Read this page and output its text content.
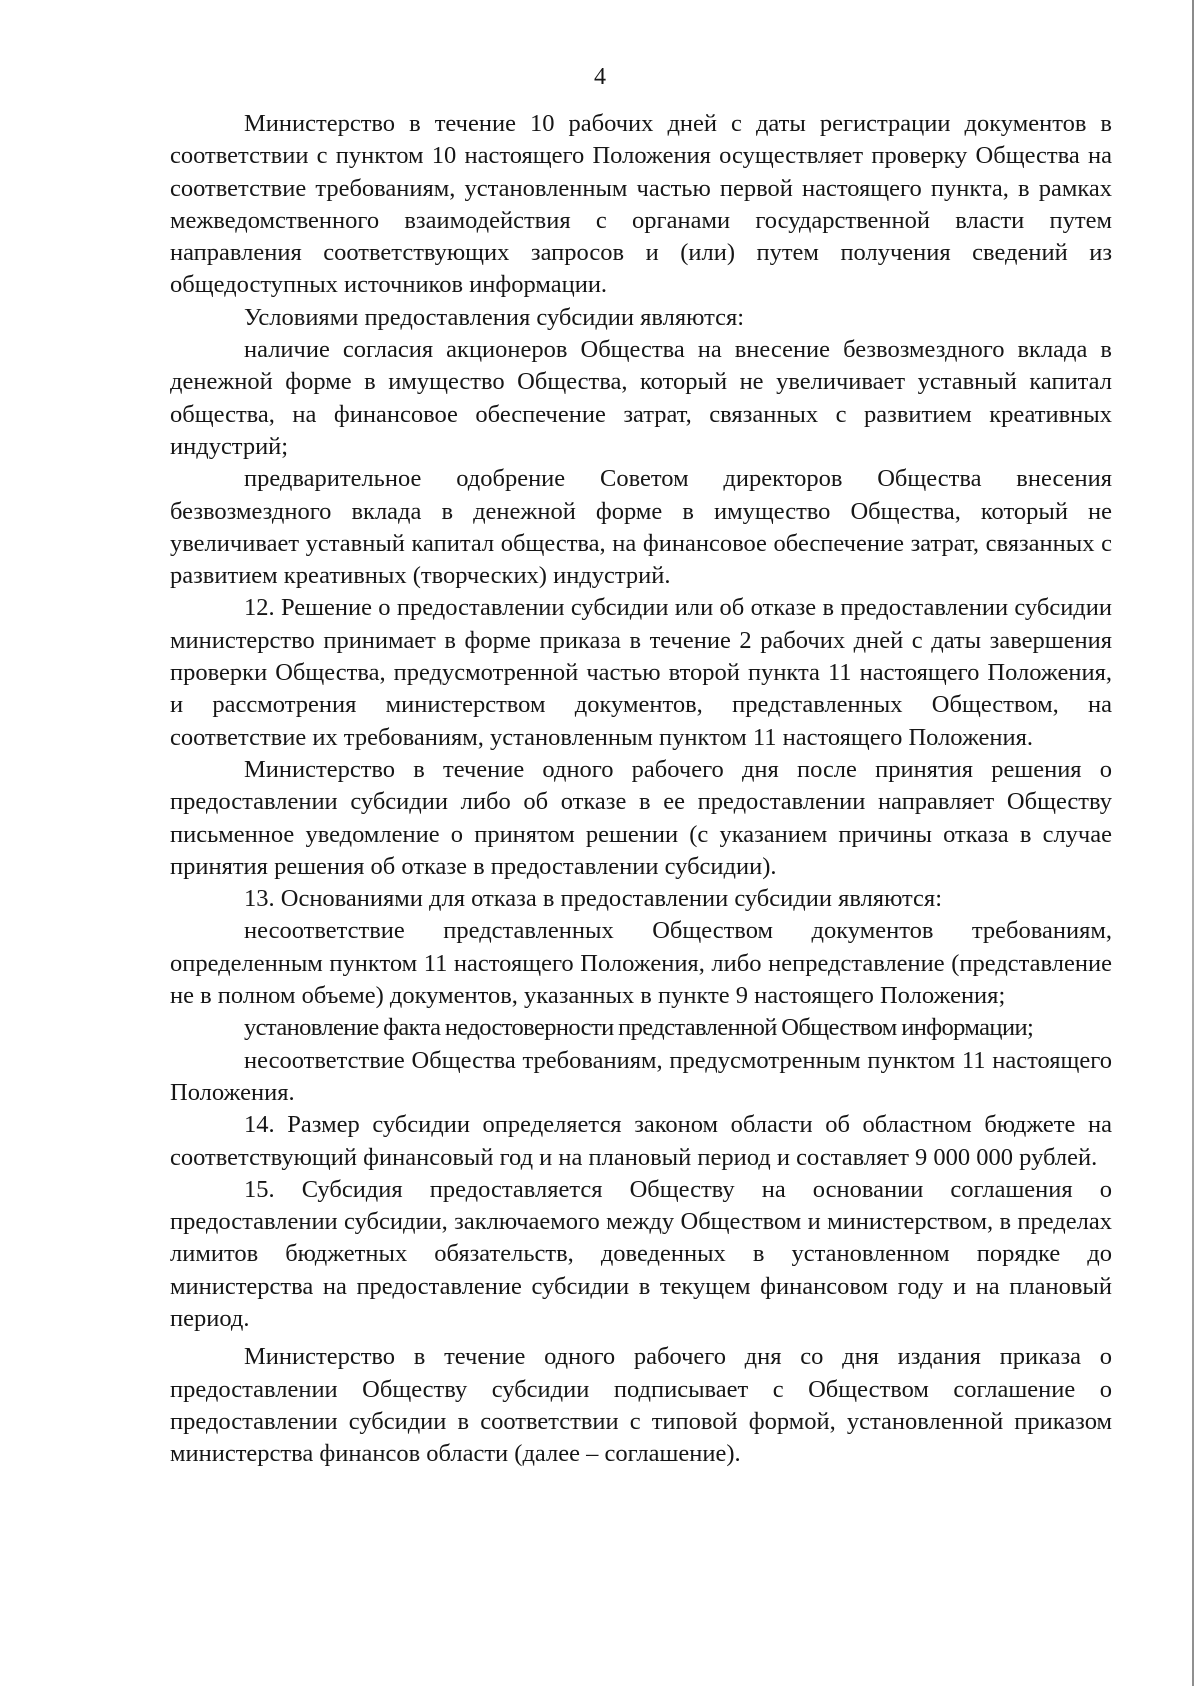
4

Министерство в течение 10 рабочих дней с даты регистрации документов в соответствии с пунктом 10 настоящего Положения осуществляет проверку Общества на соответствие требованиям, установленным частью первой настоящего пункта, в рамках межведомственного взаимодействия с органами государственной власти путем направления соответствующих запросов и (или) путем получения сведений из общедоступных источников информации.

Условиями предоставления субсидии являются:

наличие согласия акционеров Общества на внесение безвозмездного вклада в денежной форме в имущество Общества, который не увеличивает уставный капитал общества, на финансовое обеспечение затрат, связанных с развитием креативных индустрий;

предварительное одобрение Советом директоров Общества внесения безвозмездного вклада в денежной форме в имущество Общества, который не увеличивает уставный капитал общества, на финансовое обеспечение затрат, связанных с развитием креативных (творческих) индустрий.

12. Решение о предоставлении субсидии или об отказе в предоставлении субсидии министерство принимает в форме приказа в течение 2 рабочих дней с даты завершения проверки Общества, предусмотренной частью второй пункта 11 настоящего Положения, и рассмотрения министерством документов, представленных Обществом, на соответствие их требованиям, установленным пунктом 11 настоящего Положения.

Министерство в течение одного рабочего дня после принятия решения о предоставлении субсидии либо об отказе в ее предоставлении направляет Обществу письменное уведомление о принятом решении (с указанием причины отказа в случае принятия решения об отказе в предоставлении субсидии).

13. Основаниями для отказа в предоставлении субсидии являются:

несоответствие представленных Обществом документов требованиям, определенным пунктом 11 настоящего Положения, либо непредставление (представление не в полном объеме) документов, указанных в пункте 9 настоящего Положения;

установление факта недостоверности представленной Обществом информации;

несоответствие Общества требованиям, предусмотренным пунктом 11 настоящего Положения.

14. Размер субсидии определяется законом области об областном бюджете на соответствующий финансовый год и на плановый период и составляет 9 000 000 рублей.

15. Субсидия предоставляется Обществу на основании соглашения о предоставлении субсидии, заключаемого между Обществом и министерством, в пределах лимитов бюджетных обязательств, доведенных в установленном порядке до министерства на предоставление субсидии в текущем финансовом году и на плановый период.

Министерство в течение одного рабочего дня со дня издания приказа о предоставлении Обществу субсидии подписывает с Обществом соглашение о предоставлении субсидии в соответствии с типовой формой, установленной приказом министерства финансов области (далее – соглашение).
